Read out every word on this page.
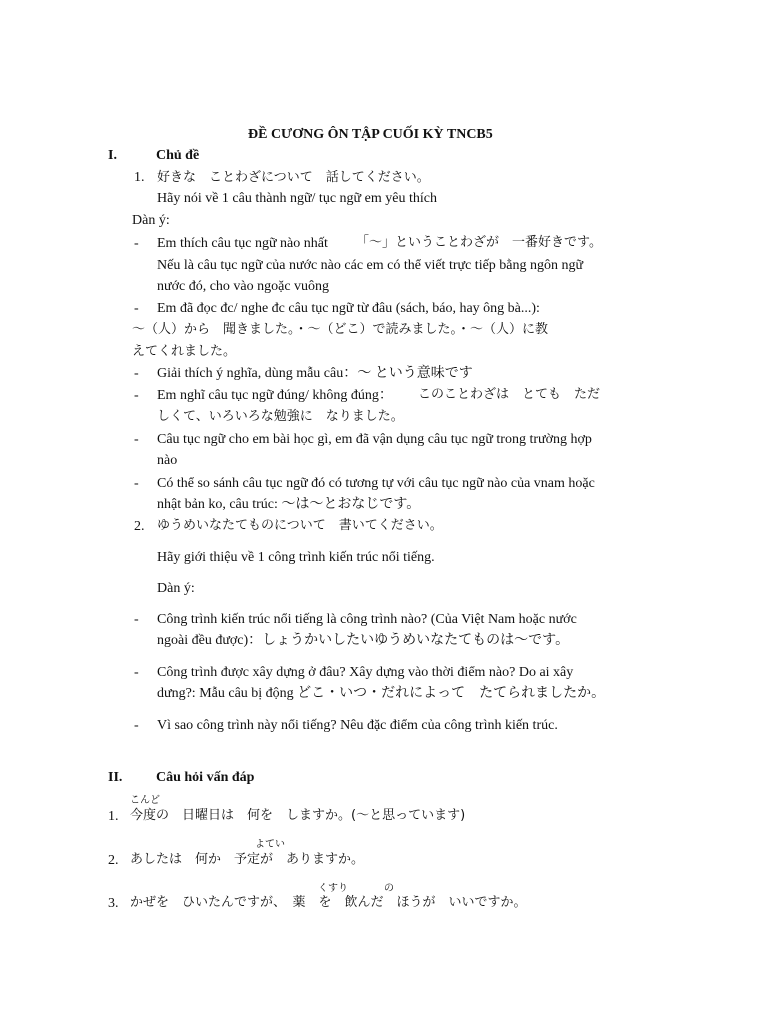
ĐỀ CƯƠNG ÔN TẬP CUỐI KỲ TNCB5
I.	Chủ đề
1. 好きな　ことわざについて　話してください。
Hãy nói về 1 câu thành ngữ/ tục ngữ em yêu thích
Dàn ý:
- Em thích câu tục ngữ nào nhất 「〜」ということわざが　一番好きです。
Nếu là câu tục ngữ của nước nào các em có thể viết trực tiếp bằng ngôn ngữ
nước đó, cho vào ngoặc vuông
- Em đã đọc đc/ nghe đc câu tục ngữ từ đâu (sách, báo, hay ông bà...):
〜（人）から　聞きました。・〜（どこ）で読みました。・〜（人）に教
えてくれました。
- Giải thích ý nghĩa, dùng mẫu câu：〜 という意味です
- Em nghĩ câu tục ngữ đúng/ không đúng： このことわざは　とても　ただ
しくて、いろいろな勉強に　なりました。
- Câu tục ngữ cho em bài học gì, em đã vận dụng câu tục ngữ trong trường hợp
nào
- Có thể so sánh câu tục ngữ đó có tương tự với câu tục ngữ nào của vnam hoặc
nhật bản ko, câu trúc: 〜は〜とおなじです。
2. ゆうめいなたてものについて　書いてください。
Hãy giới thiệu về 1 công trình kiến trúc nổi tiếng.
Dàn ý:
- Công trình kiến trúc nổi tiếng là công trình nào? (Của Việt Nam hoặc nước
ngoài đều được)：しょうかいしたいゆうめいなたてものは〜です。
- Công trình được xây dựng ở đâu? Xây dựng vào thời điểm nào? Do ai xây
dưng?: Mẫu câu bị động どこ・いつ・だれによって　たてられましたか。
- Vì sao công trình này nổi tiếng? Nêu đặc điểm của công trình kiến trúc.
II. Câu hỏi vấn đáp
こんど
1. 今度の　日曜日は　何を　しますか。(〜と思っています)
よてい
2. あしたは　何か　予定が　ありますか。
くすり	の
3. かぜを　ひいたんですが、　薬　を　飲んだ　ほうが　いいですか。
